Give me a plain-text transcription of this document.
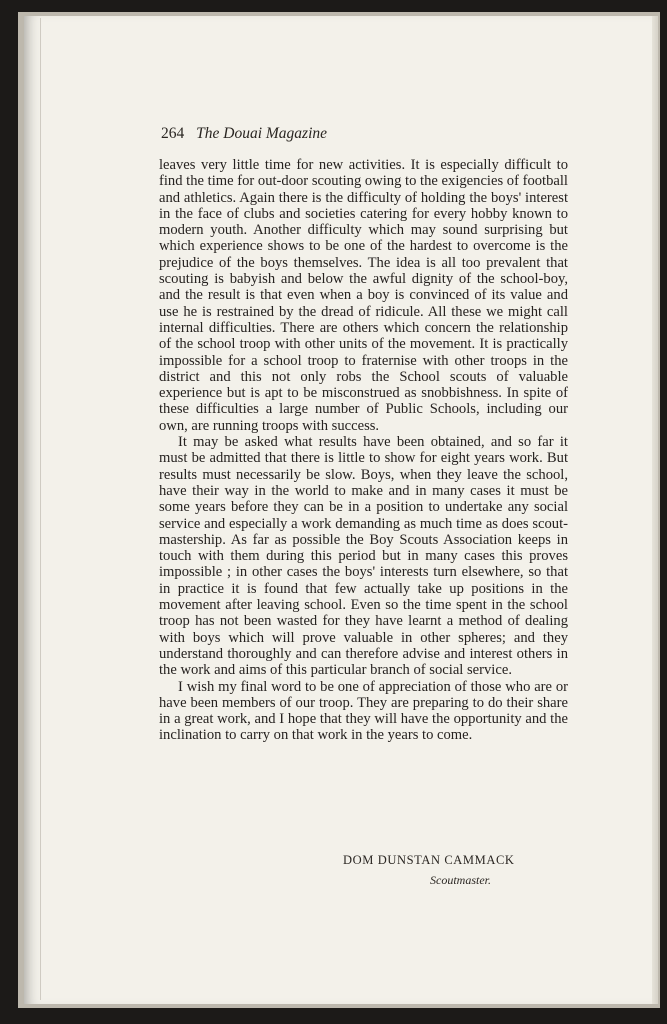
264 The Douai Magazine

leaves very little time for new activities. It is especially difficult to find the time for out-door scouting owing to the exigencies of football and athletics. Again there is the difficulty of holding the boys' interest in the face of clubs and societies catering for every hobby known to modern youth. Another difficulty which may sound surprising but which experience shows to be one of the hardest to overcome is the prejudice of the boys themselves. The idea is all too prevalent that scouting is babyish and below the awful dignity of the school-boy, and the result is that even when a boy is convinced of its value and use he is restrained by the dread of ridicule. All these we might call internal difficulties. There are others which concern the relationship of the school troop with other units of the movement. It is practically impossible for a school troop to fraternise with other troops in the district and this not only robs the School scouts of valuable experience but is apt to be misconstrued as snobbishness. In spite of these difficulties a large number of Public Schools, including our own, are running troops with success.

It may be asked what results have been obtained, and so far it must be admitted that there is little to show for eight years work. But results must necessarily be slow. Boys, when they leave the school, have their way in the world to make and in many cases it must be some years before they can be in a position to undertake any social service and especially a work demanding as much time as does scout-mastership. As far as possible the Boy Scouts Association keeps in touch with them during this period but in many cases this proves impossible ; in other cases the boys' interests turn elsewhere, so that in practice it is found that few actually take up positions in the movement after leaving school. Even so the time spent in the school troop has not been wasted for they have learnt a method of dealing with boys which will prove valuable in other spheres; and they understand thoroughly and can therefore advise and interest others in the work and aims of this particular branch of social service.

I wish my final word to be one of appreciation of those who are or have been members of our troop. They are preparing to do their share in a great work, and I hope that they will have the opportunity and the inclination to carry on that work in the years to come.

DOM DUNSTAN CAMMACK
Scoutmaster.
